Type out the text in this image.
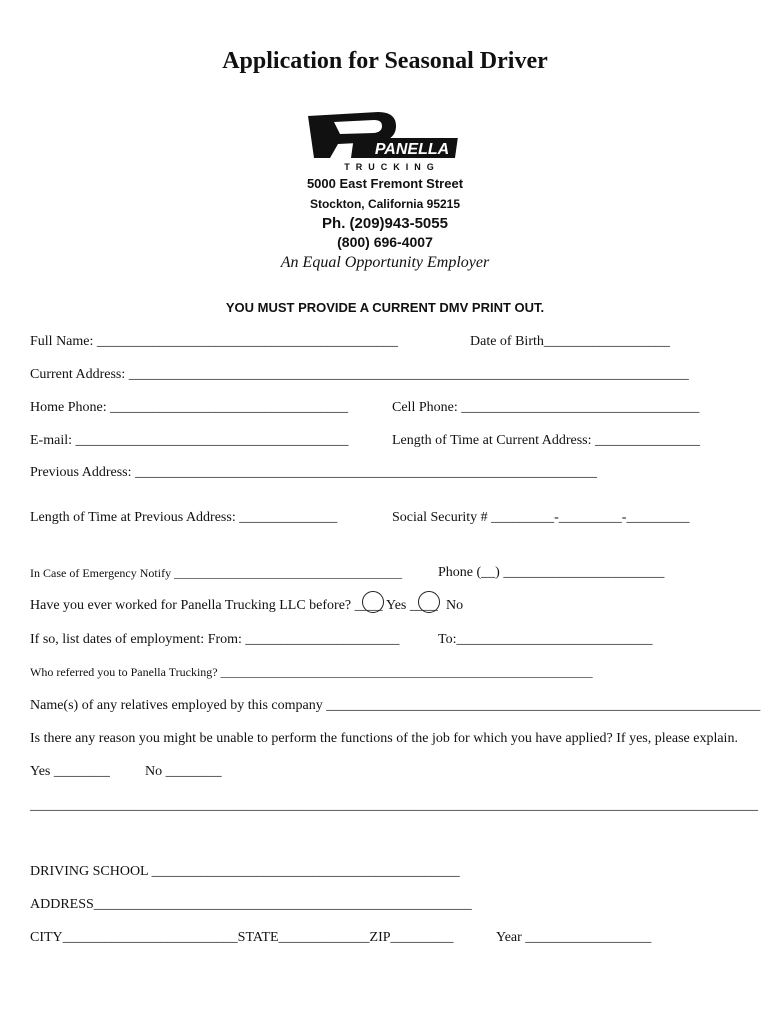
Application for Seasonal Driver
PANELLA
TRUCKING
5000 East Fremont Street
Stockton, California 95215
Ph. (209)943-5055
(800) 696-4007
An Equal Opportunity Employer
YOU MUST PROVIDE A CURRENT DMV PRINT OUT.
Full Name: ___________________________________________	Date of Birth__________________
Current Address: ________________________________________________________________________________
Home Phone: __________________________________	Cell Phone: __________________________________
E-mail: _______________________________________	Length of Time at Current Address: _______________
Previous Address: __________________________________________________________________
Length of Time at Previous Address: ______________	Social Security # _________-_________-_________
In Case of Emergency Notify ______________________________________	Phone (__) _______________________
Have you ever worked for Panella Trucking LLC before? ____ Yes ____ No
If so, list dates of employment: From: ______________________	To:____________________________
Who referred you to Panella Trucking? ______________________________________________________________
Name(s) of any relatives employed by this company ______________________________________________________________
Is there any reason you might be unable to perform the functions of the job for which you have applied? If yes, please explain.
Yes ________	No ________
________________________________________________________________________________________________________
DRIVING SCHOOL ____________________________________________
ADDRESS______________________________________________________
CITY_________________________STATE_____________ZIP_________	Year __________________
